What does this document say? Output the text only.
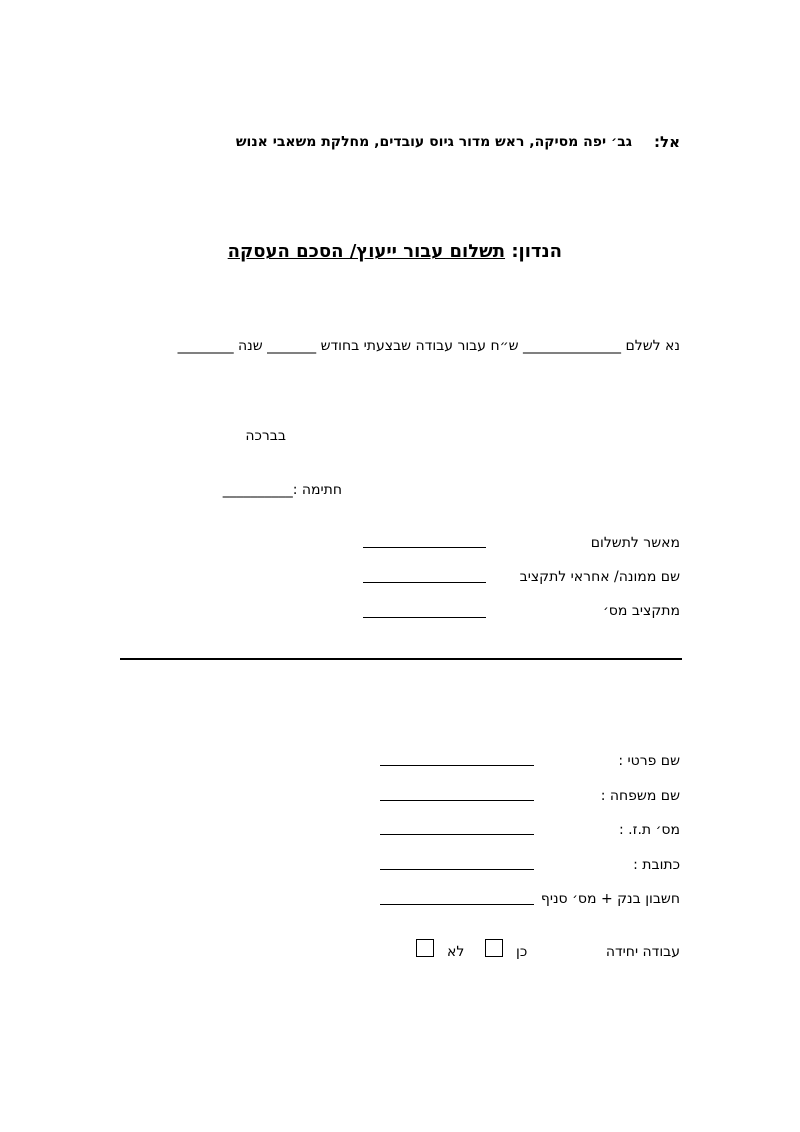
אל:
גב׳ יפה מסיקה, ראש מדור גיוס עובדים, מחלקת משאבי אנוש
הנדון: תשלום עבור ייעוץ/ הסכם העסקה
נא לשלם ______________ ש״ח עבור עבודה שבצעתי בחודש _______ שנה ________
בברכה
חתימה :__________
מאשר לתשלום
שם ממונה/ אחראי לתקציב
מתקציב מס׳
שם פרטי :
שם משפחה :
מס׳ ת.ז. :
כתובת :
חשבון בנק + מס׳ סניף
עבודה יחידה
כן
לא
